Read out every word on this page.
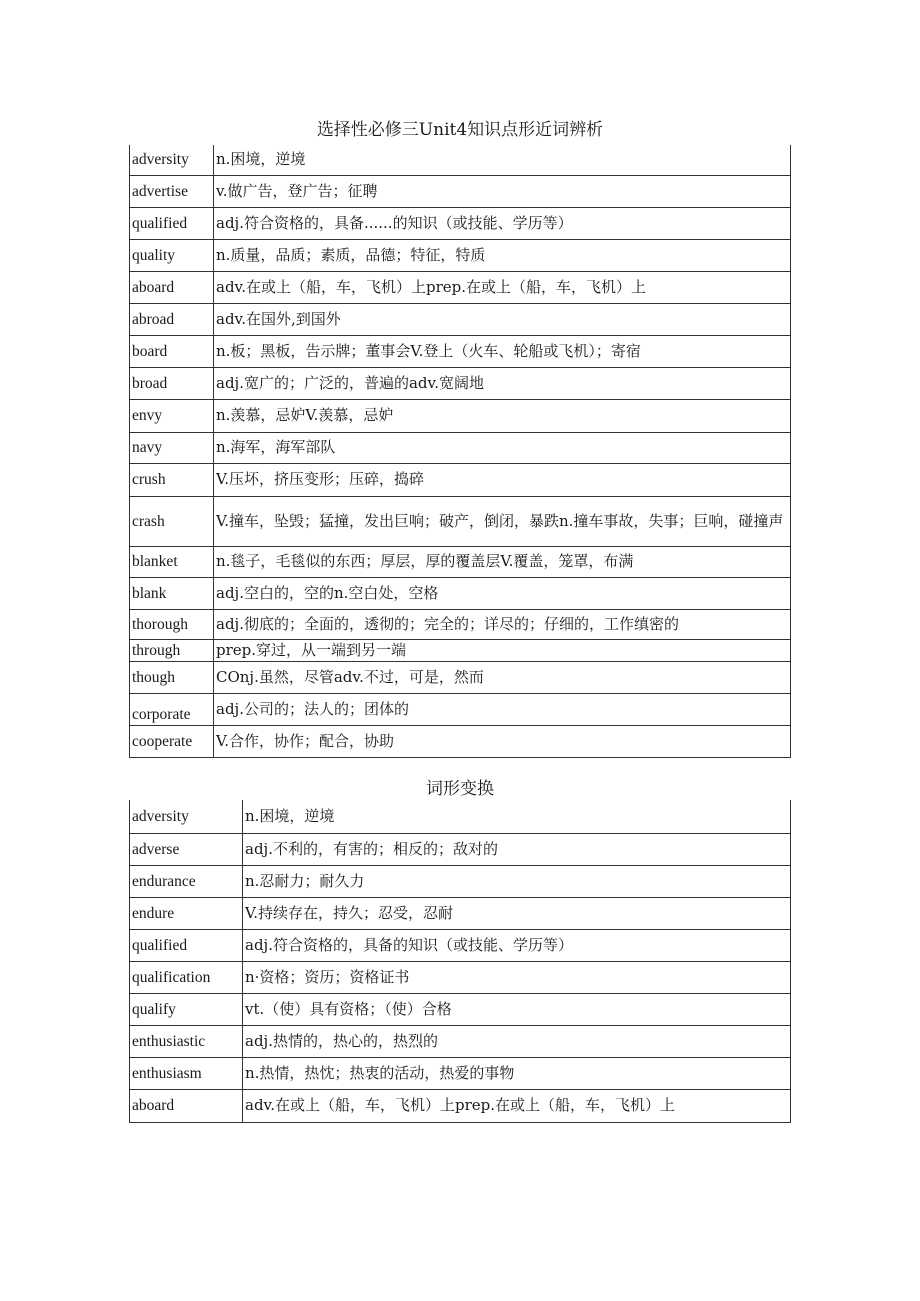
选择性必修三Unit4知识点形近词辨析
adversity	n.困境，逆境
advertise	v.做广告，登广告；征聘
qualified	adj.符合资格的，具备......的知识（或技能、学历等）
quality	n.质量，品质；素质，品德；特征，特质
aboard	adv.在或上（船，车，飞机）上prep.在或上（船，车，飞机）上
abroad	adv.在国外,到国外
board	n.板；黑板，告示牌；董事会V.登上（火车、轮船或飞机）；寄宿
broad	adj.宽广的；广泛的，普遍的adv.宽阔地
envy	n.羡慕，忌妒V.羡慕，忌妒
navy	n.海军，海军部队
crush	V.压坏，挤压变形；压碎，捣碎
crash	V.撞车，坠毁；猛撞，发出巨响；破产，倒闭，暴跌n.撞车事故，失事；巨响，碰撞声
blanket	n.毯子，毛毯似的东西；厚层，厚的覆盖层V.覆盖，笼罩，布满
blank	adj.空白的，空的n.空白处，空格
thorough	adj.彻底的；全面的，透彻的；完全的；详尽的；仔细的，工作缜密的
through	prep.穿过，从一端到另一端
though	COnj.虽然，尽管adv.不过，可是，然而
corporate	adj.公司的；法人的；团体的
cooperate	V.合作，协作；配合，协助
词形变换
adversity	n.困境，逆境
adverse	adj.不利的，有害的；相反的；敌对的
endurance	n.忍耐力；耐久力
endure	V.持续存在，持久；忍受，忍耐
qualified	adj.符合资格的，具备的知识（或技能、学历等）
qualification	n·资格；资历；资格证书
qualify	vt.（使）具有资格；（使）合格
enthusiastic	adj.热情的，热心的，热烈的
enthusiasm	n.热情，热忱；热衷的活动，热爱的事物
aboard	adv.在或上（船，车，飞机）上prep.在或上（船，车，飞机）上
